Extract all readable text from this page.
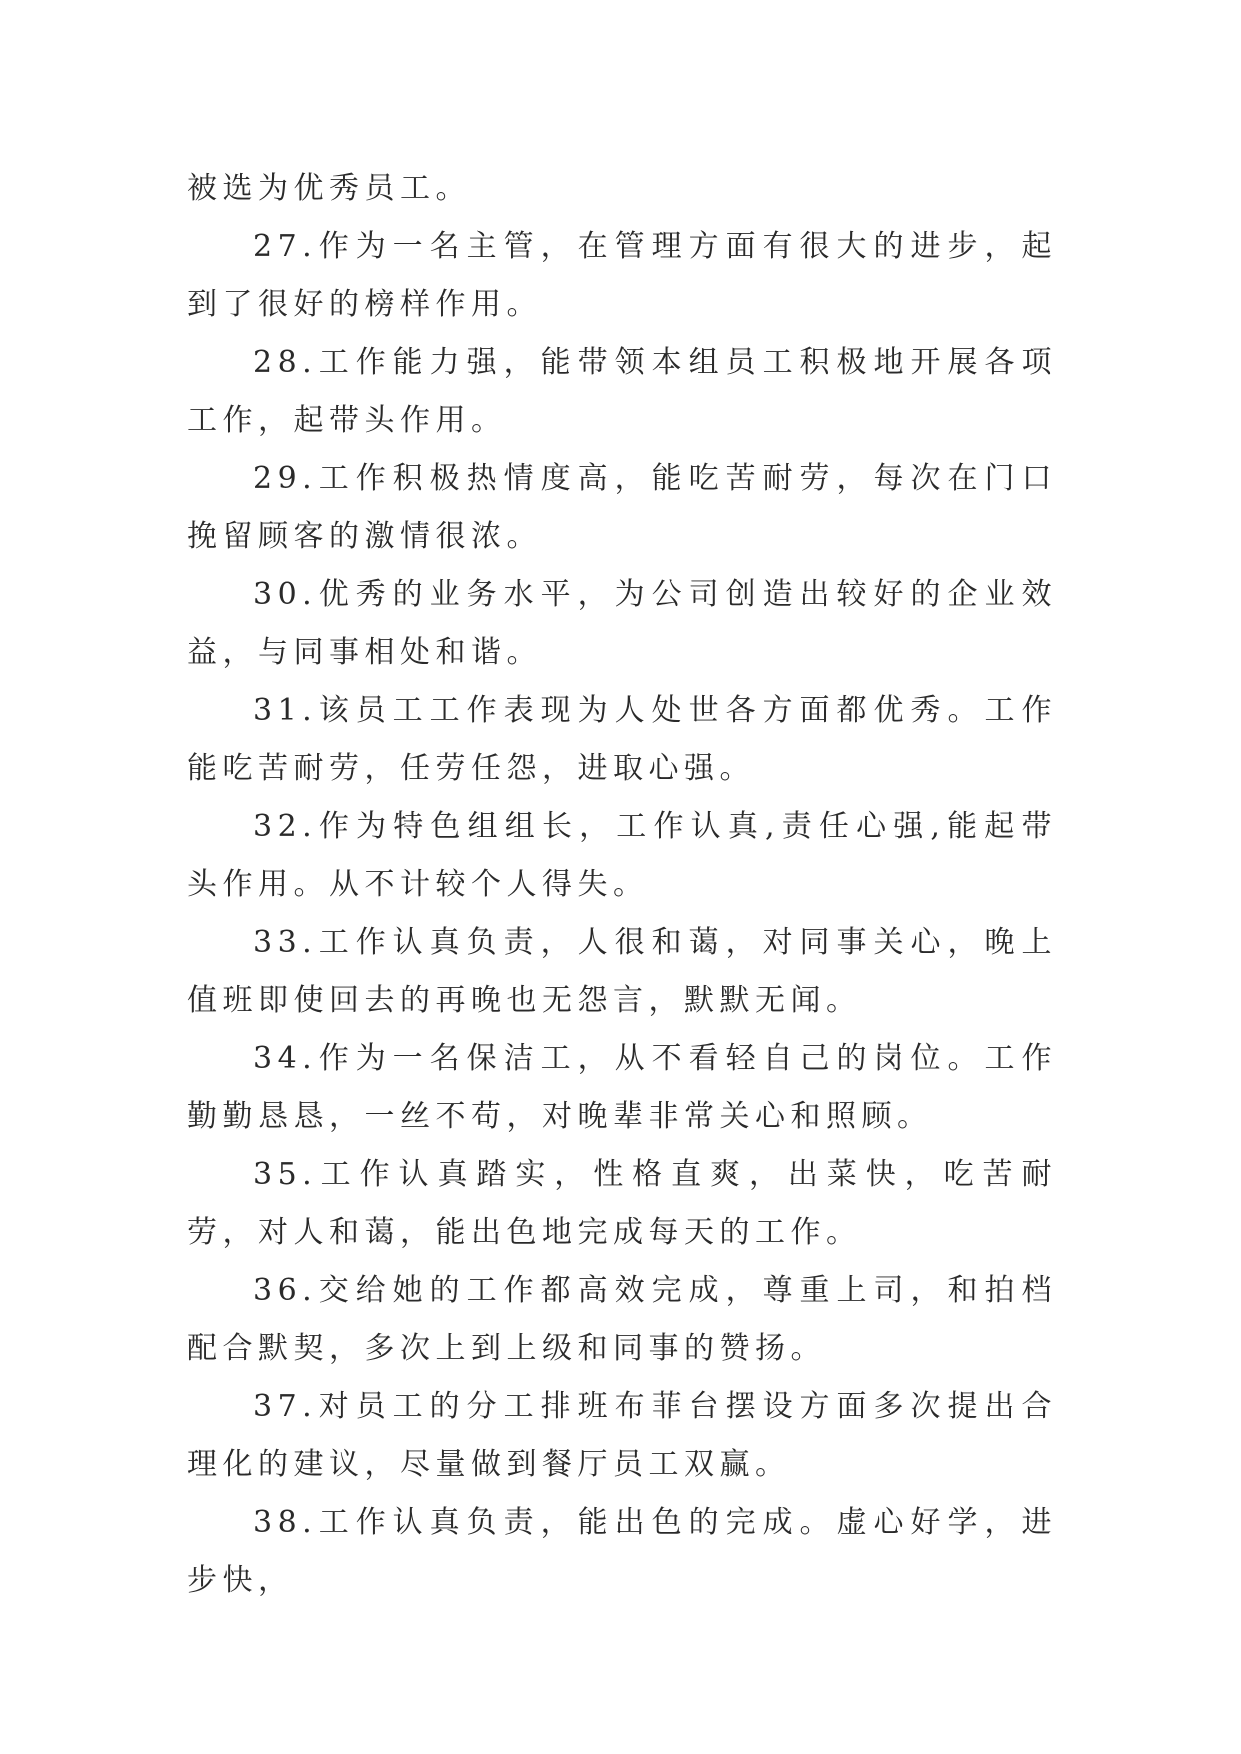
被选为优秀员工。

27.作为一名主管，在管理方面有很大的进步，起到了很好的榜样作用。

28.工作能力强，能带领本组员工积极地开展各项工作，起带头作用。

29.工作积极热情度高，能吃苦耐劳，每次在门口挽留顾客的激情很浓。

30.优秀的业务水平，为公司创造出较好的企业效益，与同事相处和谐。

31.该员工工作表现为人处世各方面都优秀。工作能吃苦耐劳，任劳任怨，进取心强。

32.作为特色组组长，工作认真,责任心强,能起带头作用。从不计较个人得失。

33.工作认真负责，人很和蔼，对同事关心，晚上值班即使回去的再晚也无怨言，默默无闻。

34.作为一名保洁工，从不看轻自己的岗位。工作勤勤恳恳，一丝不苟，对晚辈非常关心和照顾。

35.工作认真踏实，性格直爽，出菜快，吃苦耐劳，对人和蔼，能出色地完成每天的工作。

36.交给她的工作都高效完成，尊重上司，和拍档配合默契，多次上到上级和同事的赞扬。

37.对员工的分工排班布菲台摆设方面多次提出合理化的建议，尽量做到餐厅员工双赢。

38.工作认真负责，能出色的完成。虚心好学，进步快，
